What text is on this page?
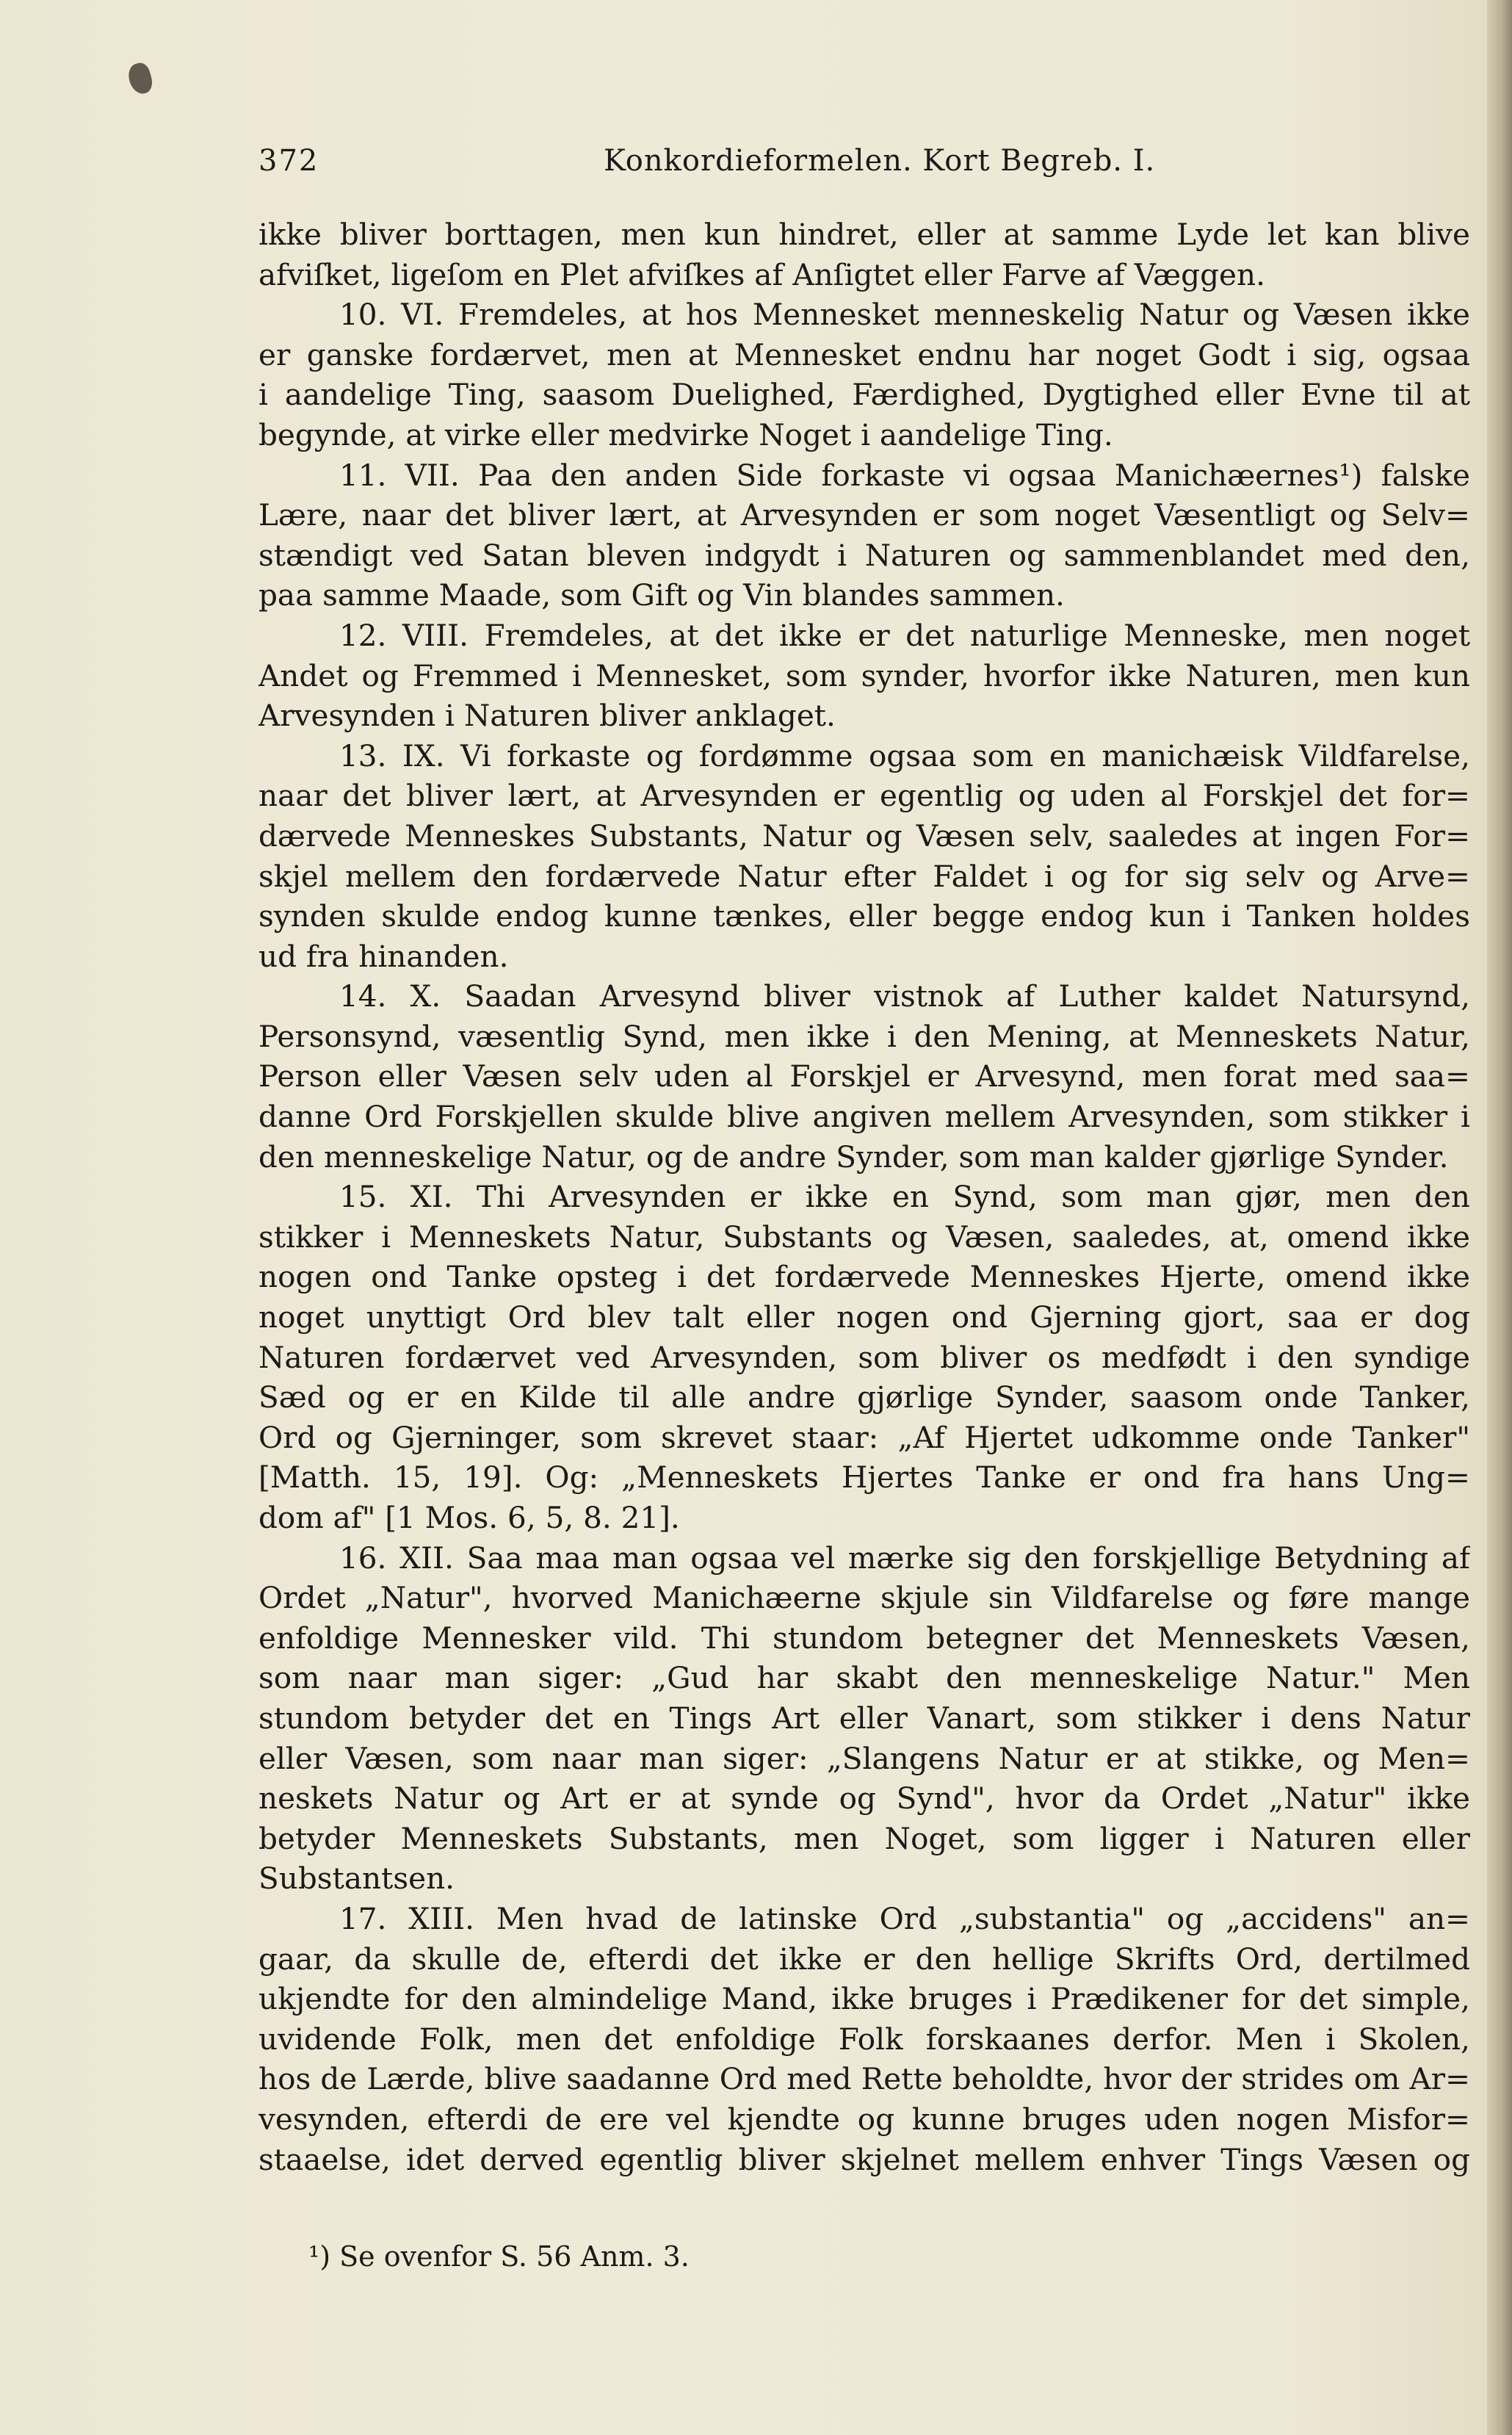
372	Konkordieformelen. Kort Begreb. I.
ikke bliver borttagen, men kun hindret, eller at samme Lyde let kan blive
afviſket, ligeſom en Plet afviſkes af Anſigtet eller Farve af Væggen.
10. VI. Fremdeles, at hos Mennesket menneskelig Natur og Væsen ikke
er ganske fordærvet, men at Mennesket endnu har noget Godt i sig, ogsaa
i aandelige Ting, saasom Duelighed, Færdighed, Dygtighed eller Evne til at
begynde, at virke eller medvirke Noget i aandelige Ting.
11. VII. Paa den anden Side forkaste vi ogsaa Manichæernes¹) falske
Lære, naar det bliver lært, at Arvesynden er som noget Væsentligt og Selv=
stændigt ved Satan bleven indgydt i Naturen og sammenblandet med den,
paa samme Maade, som Gift og Vin blandes sammen.
12. VIII. Fremdeles, at det ikke er det naturlige Menneske, men noget
Andet og Fremmed i Mennesket, som synder, hvorfor ikke Naturen, men kun
Arvesynden i Naturen bliver anklaget.
13. IX. Vi forkaste og fordømme ogsaa som en manichæisk Vildfarelse,
naar det bliver lært, at Arvesynden er egentlig og uden al Forskjel det for=
dærvede Menneskes Substants, Natur og Væsen selv, saaledes at ingen For=
skjel mellem den fordærvede Natur efter Faldet i og for sig selv og Arve=
synden skulde endog kunne tænkes, eller begge endog kun i Tanken holdes
ud fra hinanden.
14. X. Saadan Arvesynd bliver vistnok af Luther kaldet Natursynd,
Personsynd, væsentlig Synd, men ikke i den Mening, at Menneskets Natur,
Person eller Væsen selv uden al Forskjel er Arvesynd, men forat med saa=
danne Ord Forskjellen skulde blive angiven mellem Arvesynden, som stikker i
den menneskelige Natur, og de andre Synder, som man kalder gjørlige Synder.
15. XI. Thi Arvesynden er ikke en Synd, som man gjør, men den
stikker i Menneskets Natur, Substants og Væsen, saaledes, at, omend ikke
nogen ond Tanke opsteg i det fordærvede Menneskes Hjerte, omend ikke
noget unyttigt Ord blev talt eller nogen ond Gjerning gjort, saa er dog
Naturen fordærvet ved Arvesynden, som bliver os medfødt i den syndige
Sæd og er en Kilde til alle andre gjørlige Synder, saasom onde Tanker,
Ord og Gjerninger, som skrevet staar: „Af Hjertet udkomme onde Tanker"
[Matth. 15, 19]. Og: „Menneskets Hjertes Tanke er ond fra hans Ung=
dom af" [1 Mos. 6, 5, 8. 21].
16. XII. Saa maa man ogsaa vel mærke sig den forskjellige Betydning af
Ordet „Natur", hvorved Manichæerne skjule sin Vildfarelse og føre mange
enfoldige Mennesker vild. Thi stundom betegner det Menneskets Væsen,
som naar man siger: „Gud har skabt den menneskelige Natur." Men
stundom betyder det en Tings Art eller Vanart, som stikker i dens Natur
eller Væsen, som naar man siger: „Slangens Natur er at stikke, og Men=
neskets Natur og Art er at synde og Synd", hvor da Ordet „Natur" ikke
betyder Menneskets Substants, men Noget, som ligger i Naturen eller
Substantsen.
17. XIII. Men hvad de latinske Ord „substantia" og „accidens" an=
gaar, da skulle de, efterdi det ikke er den hellige Skrifts Ord, dertilmed
ukjendte for den almindelige Mand, ikke bruges i Prædikener for det simple,
uvidende Folk, men det enfoldige Folk forskaanes derfor. Men i Skolen,
hos de Lærde, blive saadanne Ord med Rette beholdte, hvor der strides om Ar=
vesynden, efterdi de ere vel kjendte og kunne bruges uden nogen Misfor=
staaelse, idet derved egentlig bliver skjelnet mellem enhver Tings Væsen og
¹) Se ovenfor S. 56 Anm. 3.
